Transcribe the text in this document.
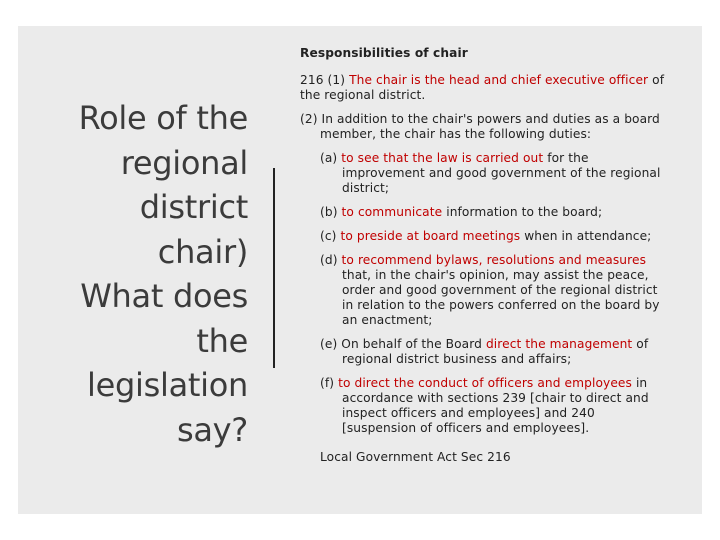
Role of the
regional
district
chair)
What does
the
legislation
say?
Responsibilities of chair
216 (1) The chair is the head and chief executive officer of the regional district.
(2) In addition to the chair's powers and duties as a board member, the chair has the following duties:
(a) to see that the law is carried out for the improvement and good government of the regional district;
(b) to communicate information to the board;
(c) to preside at board meetings when in attendance;
(d) to recommend bylaws, resolutions and measures that, in the chair's opinion, may assist the peace, order and good government of the regional district in relation to the powers conferred on the board by an enactment;
(e) On behalf of the Board direct the management of regional district business and affairs;
(f) to direct the conduct of officers and employees in accordance with sections 239 [chair to direct and inspect officers and employees] and 240 [suspension of officers and employees].
Local Government Act Sec 216
